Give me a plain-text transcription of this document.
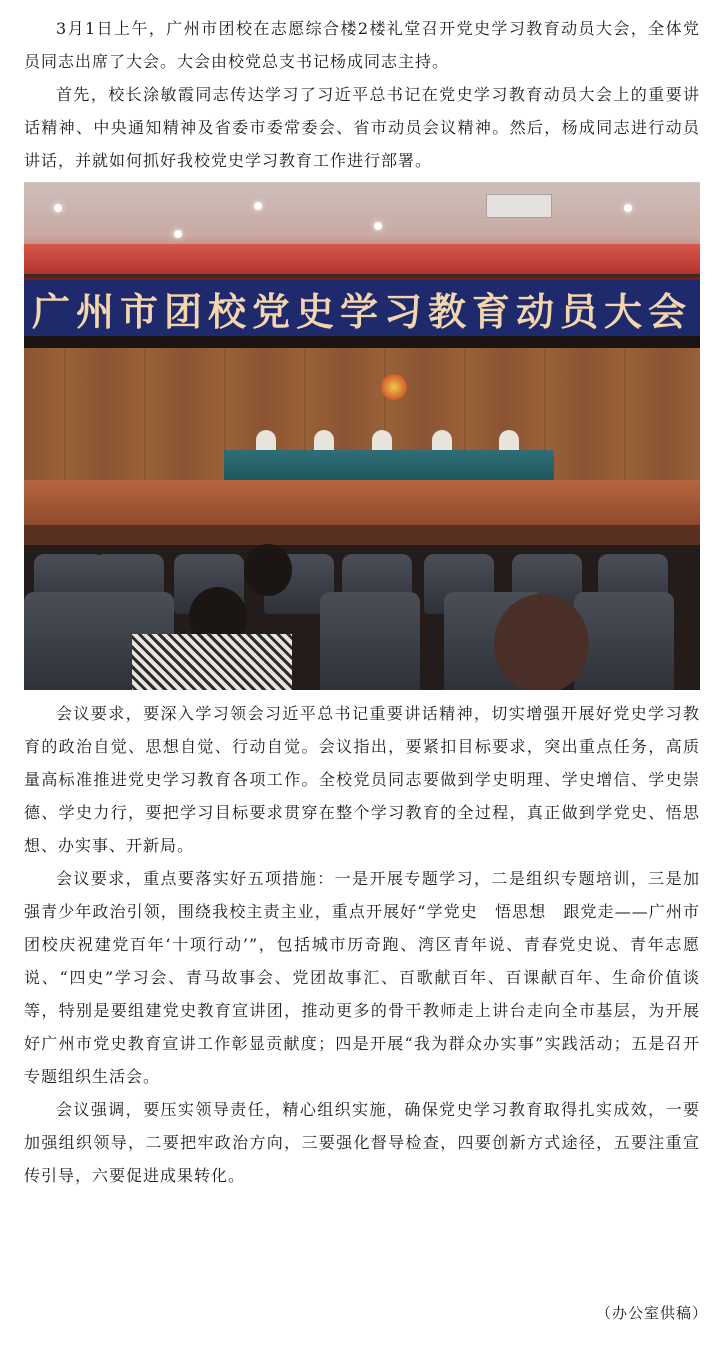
3月1日上午，广州市团校在志愿综合楼2楼礼堂召开党史学习教育动员大会，全体党员同志出席了大会。大会由校党总支书记杨成同志主持。

首先，校长涂敏霞同志传达学习了习近平总书记在党史学习教育动员大会上的重要讲话精神、中央通知精神及省委市委常委会、省市动员会议精神。然后，杨成同志进行动员讲话，并就如何抓好我校党史学习教育工作进行部署。

广州市团校党史学习教育动员大会

会议要求，要深入学习领会习近平总书记重要讲话精神，切实增强开展好党史学习教育的政治自觉、思想自觉、行动自觉。会议指出，要紧扣目标要求，突出重点任务，高质量高标准推进党史学习教育各项工作。全校党员同志要做到学史明理、学史增信、学史崇德、学史力行，要把学习目标要求贯穿在整个学习教育的全过程，真正做到学党史、悟思想、办实事、开新局。

会议要求，重点要落实好五项措施：一是开展专题学习，二是组织专题培训，三是加强青少年政治引领，围绕我校主责主业，重点开展好“学党史　悟思想　跟党走——广州市团校庆祝建党百年‘十项行动’”，包括城市历奇跑、湾区青年说、青春党史说、青年志愿说、“四史”学习会、青马故事会、党团故事汇、百歌献百年、百课献百年、生命价值谈等，特别是要组建党史教育宣讲团，推动更多的骨干教师走上讲台走向全市基层，为开展好广州市党史教育宣讲工作彰显贡献度；四是开展“我为群众办实事”实践活动；五是召开专题组织生活会。

会议强调，要压实领导责任，精心组织实施，确保党史学习教育取得扎实成效，一要加强组织领导，二要把牢政治方向，三要强化督导检查，四要创新方式途径，五要注重宣传引导，六要促进成果转化。

（办公室供稿）
